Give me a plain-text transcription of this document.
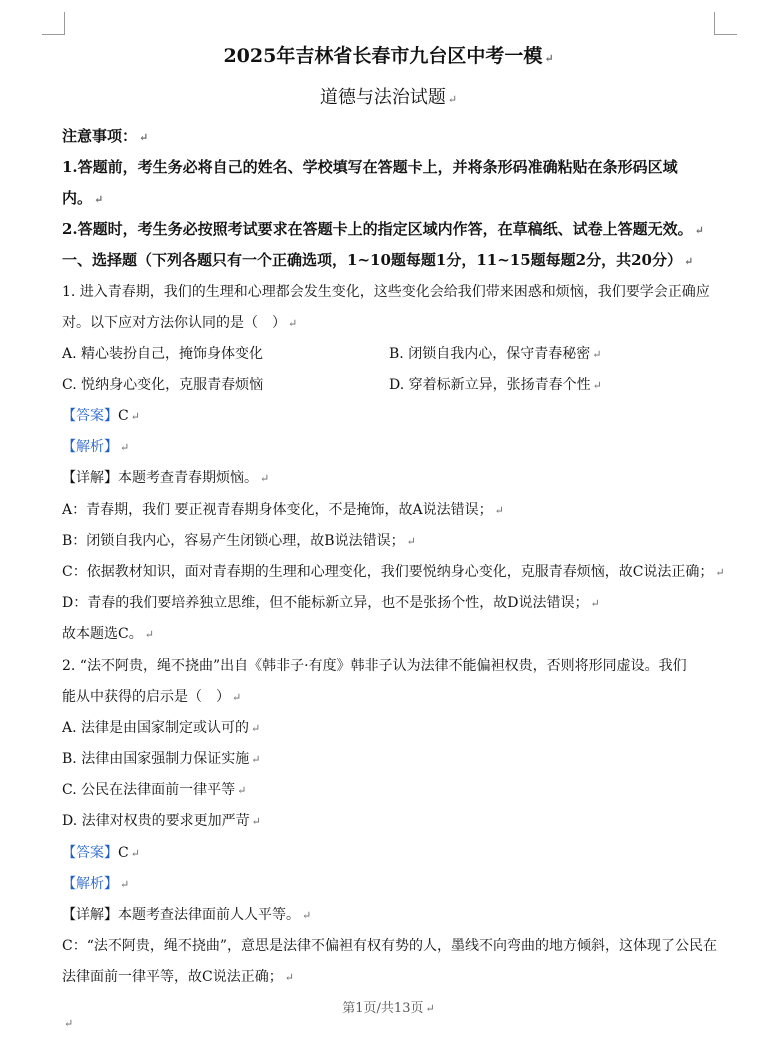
2025年吉林省长春市九台区中考一模 ↵
道德与法治试题 ↵
注意事项： ↵
1.答题前，考生务必将自己的姓名、学校填写在答题卡上，并将条形码准确粘贴在条形码区域
内。 ↵
2.答题时，考生务必按照考试要求在答题卡上的指定区域内作答，在草稿纸、试卷上答题无效。 ↵
一、选择题（下列各题只有一个正确选项，1~10题每题1分，11~15题每题2分，共20分） ↵
1. 进入青春期，我们的生理和心理都会发生变化，这些变化会给我们带来困惑和烦恼，我们要学会正确应
对。以下应对方法你认同的是（　） ↵
A. 精心装扮自己，掩饰身体变化	B. 闭锁自我内心，保守青春秘密 ↵
C. 悦纳身心变化，克服青春烦恼	D. 穿着标新立异，张扬青春个性 ↵
【答案】C ↵
【解析】 ↵
【详解】本题考查青春期烦恼。 ↵
A：青春期，我们 要正视青春期身体变化，不是掩饰，故A说法错误； ↵
B：闭锁自我内心，容易产生闭锁心理，故B说法错误； ↵
C：依据教材知识，面对青春期的生理和心理变化，我们要悦纳身心变化，克服青春烦恼，故C说法正确； ↵
D：青春的我们要培养独立思维，但不能标新立异，也不是张扬个性，故D说法错误； ↵
故本题选C。 ↵
2. “法不阿贵，绳不挠曲”出自《韩非子·有度》韩非子认为法律不能偏袒权贵，否则将形同虚设。我们
能从中获得的启示是（　） ↵
A. 法律是由国家制定或认可的 ↵
B. 法律由国家强制力保证实施 ↵
C. 公民在法律面前一律平等 ↵
D. 法律对权贵的要求更加严苛 ↵
【答案】C ↵
【解析】 ↵
【详解】本题考查法律面前人人平等。 ↵
C：“法不阿贵，绳不挠曲”，意思是法律不偏袒有权有势的人，墨线不向弯曲的地方倾斜，这体现了公民在
法律面前一律平等，故C说法正确； ↵
第1页/共13页 ↵
↵
